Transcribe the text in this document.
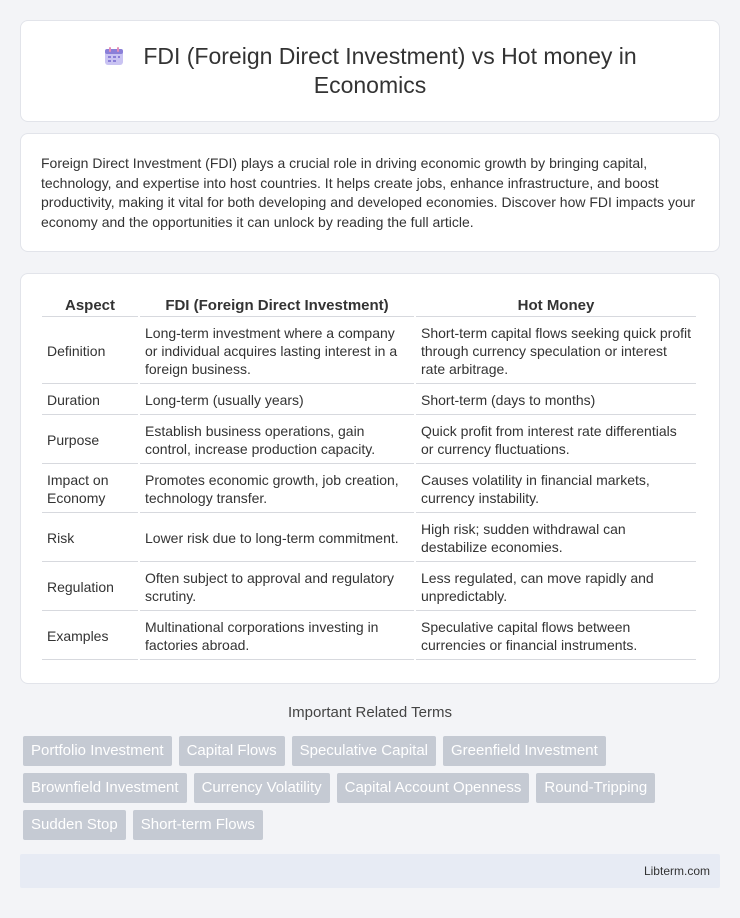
FDI (Foreign Direct Investment) vs Hot money in Economics

Foreign Direct Investment (FDI) plays a crucial role in driving economic growth by bringing capital, technology, and expertise into host countries. It helps create jobs, enhance infrastructure, and boost productivity, making it vital for both developing and developed economies. Discover how FDI impacts your economy and the opportunities it can unlock by reading the full article.

Aspect	FDI (Foreign Direct Investment)	Hot Money
Definition	Long-term investment where a company or individual acquires lasting interest in a foreign business.	Short-term capital flows seeking quick profit through currency speculation or interest rate arbitrage.
Duration	Long-term (usually years)	Short-term (days to months)
Purpose	Establish business operations, gain control, increase production capacity.	Quick profit from interest rate differentials or currency fluctuations.
Impact on Economy	Promotes economic growth, job creation, technology transfer.	Causes volatility in financial markets, currency instability.
Risk	Lower risk due to long-term commitment.	High risk; sudden withdrawal can destabilize economies.
Regulation	Often subject to approval and regulatory scrutiny.	Less regulated, can move rapidly and unpredictably.
Examples	Multinational corporations investing in factories abroad.	Speculative capital flows between currencies or financial instruments.
Important Related Terms
Portfolio Investment	Capital Flows	Speculative Capital	Greenfield Investment
Brownfield Investment	Currency Volatility	Capital Account Openness	Round-Tripping
Sudden Stop	Short-term Flows
Libterm.com
